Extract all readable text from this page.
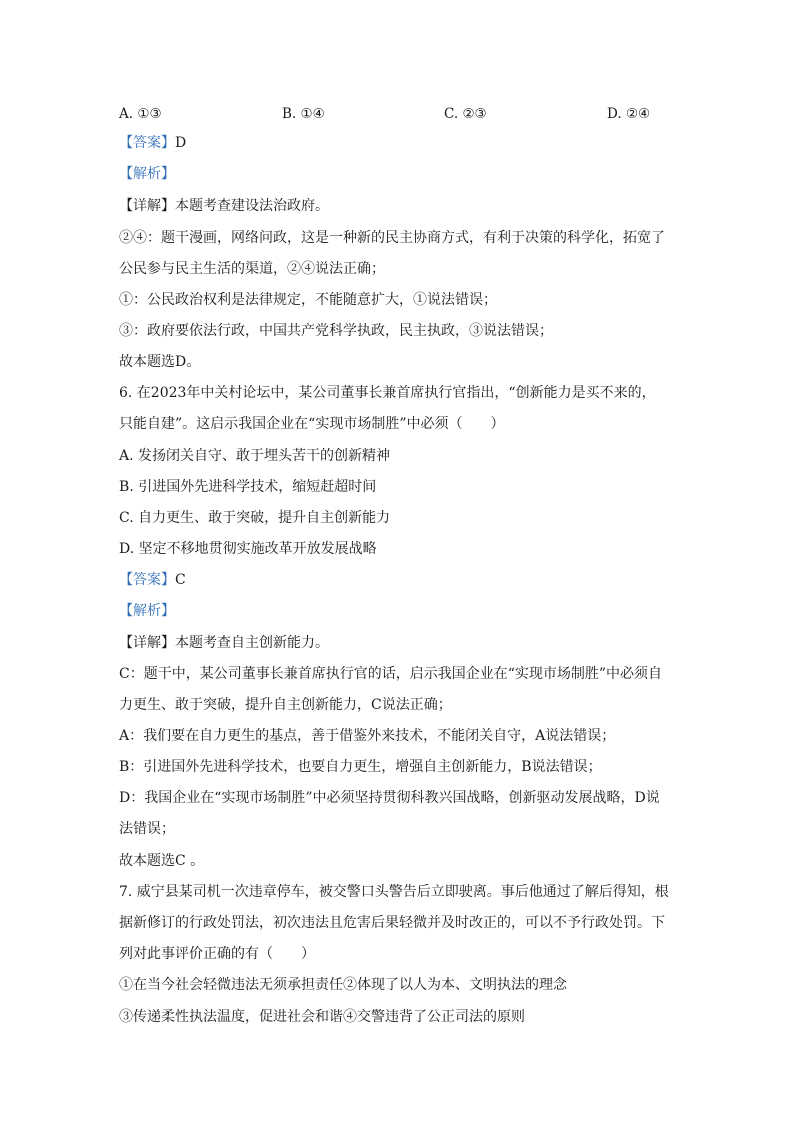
A. ①③	B. ①④	C. ②③	D. ②④
【答案】D
【解析】
【详解】本题考查建设法治政府。
②④：题干漫画，网络问政，这是一种新的民主协商方式，有利于决策的科学化，拓宽了
公民参与民主生活的渠道，②④说法正确；
①：公民政治权利是法律规定，不能随意扩大，①说法错误；
③：政府要依法行政，中国共产党科学执政，民主执政，③说法错误；
故本题选D。
6. 在2023年中关村论坛中，某公司董事长兼首席执行官指出，“创新能力是买不来的，
只能自建”。这启示我国企业在“实现市场制胜”中必须（　　）
A. 发扬闭关自守、敢于埋头苦干的创新精神
B. 引进国外先进科学技术，缩短赶超时间
C. 自力更生、敢于突破，提升自主创新能力
D. 坚定不移地贯彻实施改革开放发展战略
【答案】C
【解析】
【详解】本题考查自主创新能力。
C：题干中，某公司董事长兼首席执行官的话，启示我国企业在“实现市场制胜”中必须自
力更生、敢于突破，提升自主创新能力，C说法正确；
A：我们要在自力更生的基点，善于借鉴外来技术，不能闭关自守，A说法错误；
B：引进国外先进科学技术，也要自力更生，增强自主创新能力，B说法错误；
D：我国企业在“实现市场制胜”中必须坚持贯彻科教兴国战略，创新驱动发展战略，D说
法错误；
故本题选C 。
7. 威宁县某司机一次违章停车，被交警口头警告后立即驶离。事后他通过了解后得知，根
据新修订的行政处罚法，初次违法且危害后果轻微并及时改正的，可以不予行政处罚。下
列对此事评价正确的有（　　）
①在当今社会轻微违法无须承担责任②体现了以人为本、文明执法的理念
③传递柔性执法温度，促进社会和谐④交警违背了公正司法的原则
